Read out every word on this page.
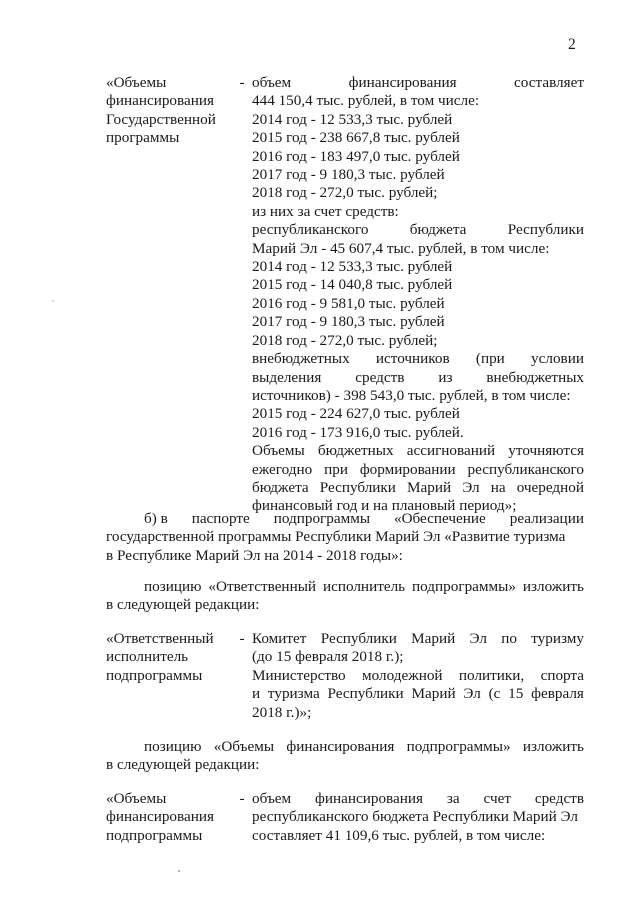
2
«Объемы
финансирования
Государственной
программы
- объем	финансирования	составляет
444 150,4 тыс. рублей, в том числе:
2014 год - 12 533,3 тыс. рублей
2015 год - 238 667,8 тыс. рублей
2016 год - 183 497,0 тыс. рублей
2017 год - 9 180,3 тыс. рублей
2018 год - 272,0 тыс. рублей;
из них за счет средств:
республиканского	бюджета	Республики
Марий Эл - 45 607,4 тыс. рублей, в том числе:
2014 год - 12 533,3 тыс. рублей
2015 год - 14 040,8 тыс. рублей
2016 год - 9 581,0 тыс. рублей
2017 год - 9 180,3 тыс. рублей
2018 год - 272,0 тыс. рублей;
внебюджетных источников (при условии
выделения средств из внебюджетных
источников) - 398 543,0 тыс. рублей, в том числе:
2015 год - 224 627,0 тыс. рублей
2016 год - 173 916,0 тыс. рублей.
Объемы бюджетных ассигнований уточняются
ежегодно при формировании республиканского
бюджета Республики Марий Эл на очередной
финансовый год и на плановый период»;
б) в паспорте подпрограммы «Обеспечение реализации
государственной программы Республики Марий Эл «Развитие туризма
в Республике Марий Эл на 2014 - 2018 годы»:
позицию «Ответственный исполнитель подпрограммы» изложить
в следующей редакции:
«Ответственный
исполнитель
подпрограммы
- Комитет Республики Марий Эл по туризму
(до 15 февраля 2018 г.);
Министерство молодежной политики, спорта
и туризма Республики Марий Эл (с 15 февраля
2018 г.)»;
позицию «Объемы финансирования подпрограммы» изложить
в следующей редакции:
«Объемы
финансирования
подпрограммы
- объем финансирования за счет средств
республиканского бюджета Республики Марий Эл
составляет 41 109,6 тыс. рублей, в том числе:
